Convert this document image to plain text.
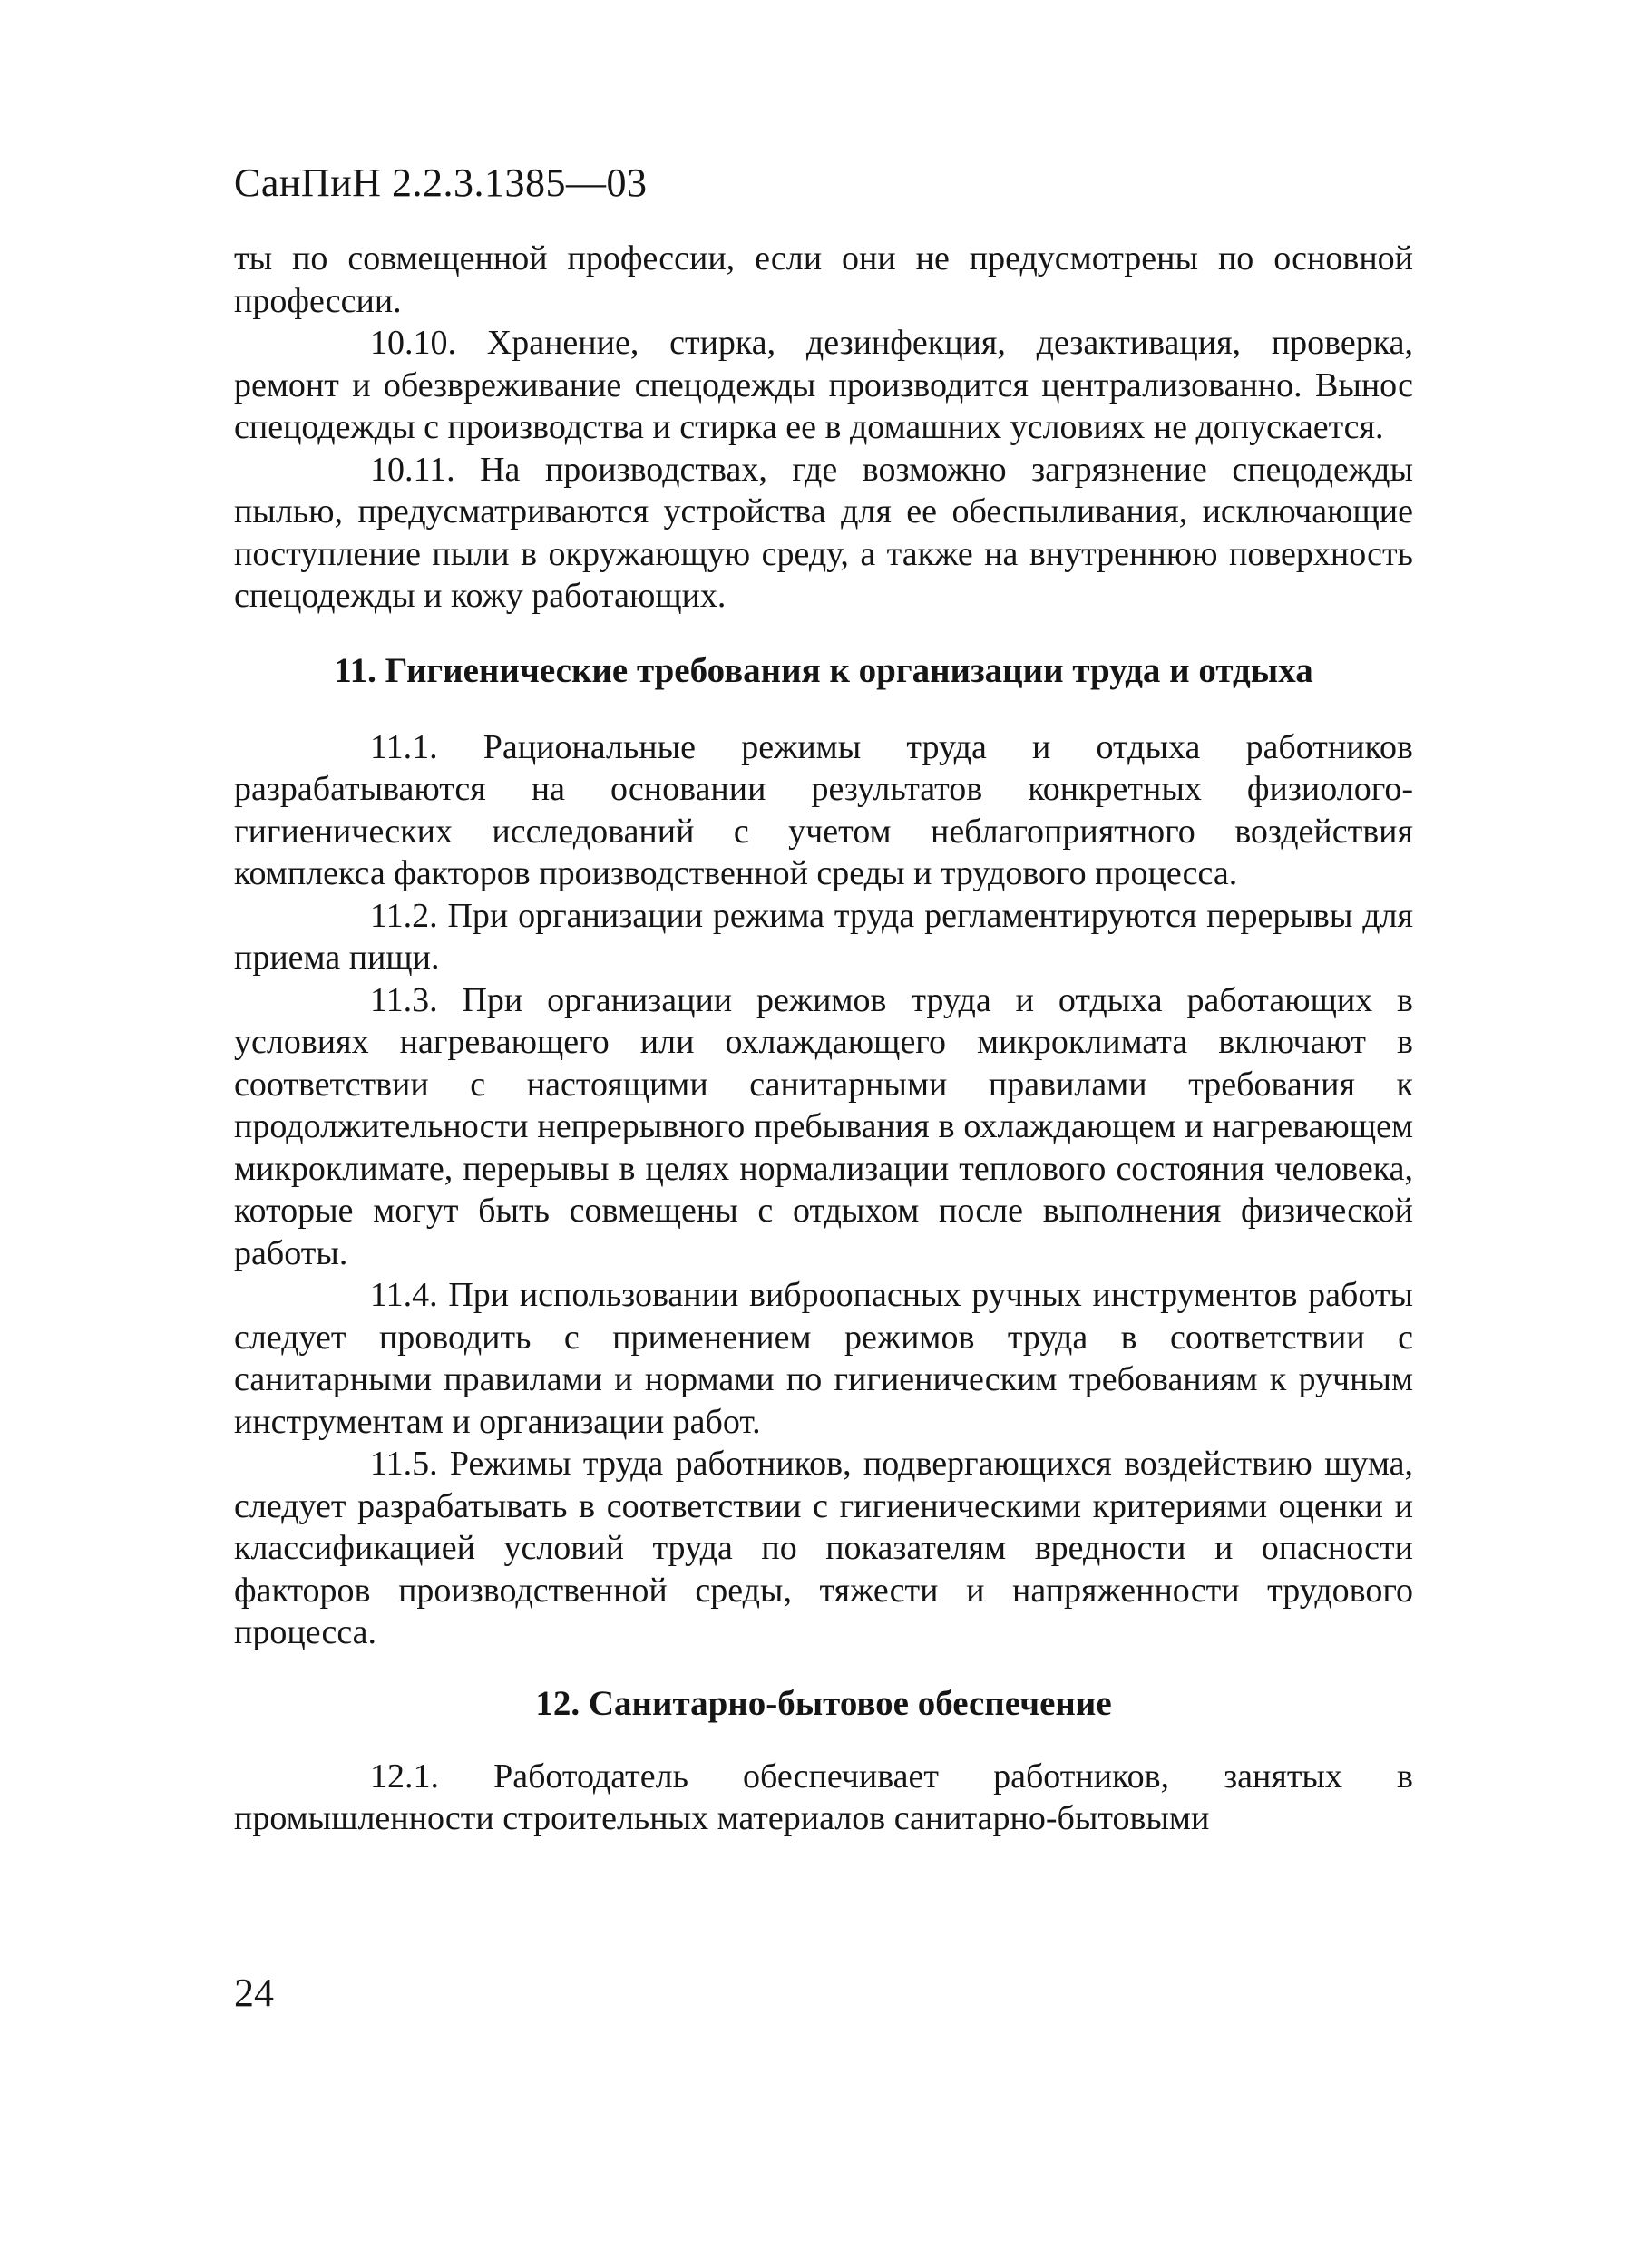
СанПиН 2.2.3.1385—03

ты по совмещенной профессии, если они не предусмотрены по основной профессии.

10.10. Хранение, стирка, дезинфекция, дезактивация, проверка, ремонт и обезвреживание спецодежды производится централизованно. Вынос спецодежды с производства и стирка ее в домашних условиях не допускается.

10.11. На производствах, где возможно загрязнение спецодежды пылью, предусматриваются устройства для ее обеспыливания, исключающие поступление пыли в окружающую среду, а также на внутреннюю поверхность спецодежды и кожу работающих.

11. Гигиенические требования к организации труда и отдыха

11.1. Рациональные режимы труда и отдыха работников разрабатываются на основании результатов конкретных физиолого-гигиенических исследований с учетом неблагоприятного воздействия комплекса факторов производственной среды и трудового процесса.

11.2. При организации режима труда регламентируются перерывы для приема пищи.

11.3. При организации режимов труда и отдыха работающих в условиях нагревающего или охлаждающего микроклимата включают в соответствии с настоящими санитарными правилами требования к продолжительности непрерывного пребывания в охлаждающем и нагревающем микроклимате, перерывы в целях нормализации теплового состояния человека, которые могут быть совмещены с отдыхом после выполнения физической работы.

11.4. При использовании виброопасных ручных инструментов работы следует проводить с применением режимов труда в соответствии с санитарными правилами и нормами по гигиеническим требованиям к ручным инструментам и организации работ.

11.5. Режимы труда работников, подвергающихся воздействию шума, следует разрабатывать в соответствии с гигиеническими критериями оценки и классификацией условий труда по показателям вредности и опасности факторов производственной среды, тяжести и напряженности трудового процесса.

12. Санитарно-бытовое обеспечение

12.1. Работодатель обеспечивает работников, занятых в промышленности строительных материалов санитарно-бытовыми

24
